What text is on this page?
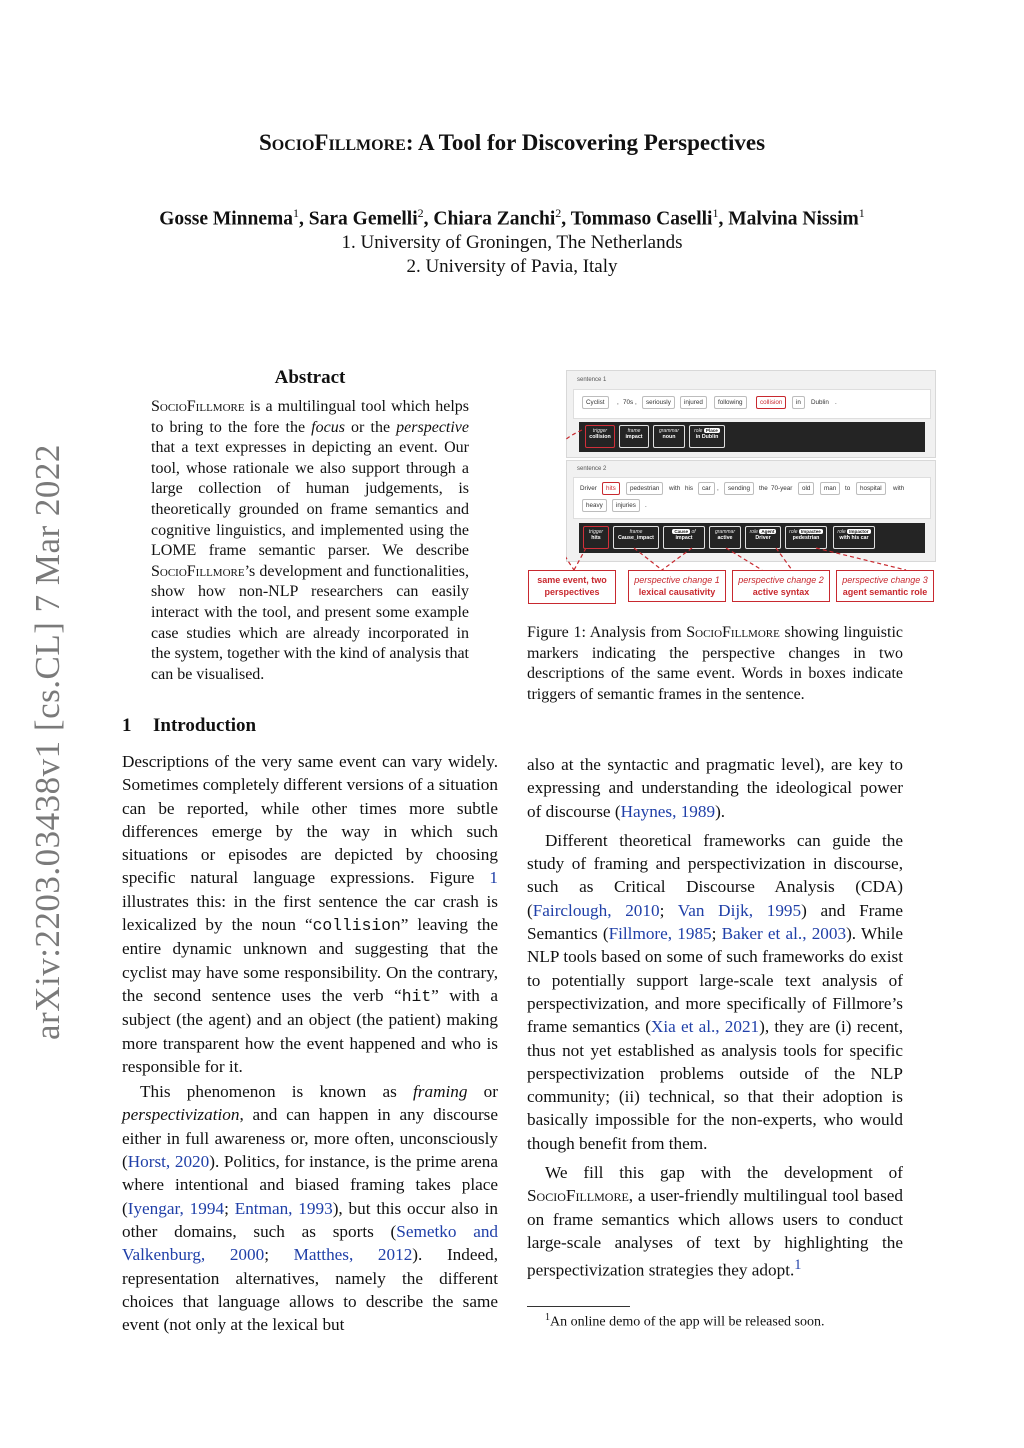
arXiv:2203.03438v1 [cs.CL] 7 Mar 2022
SocioFillmore: A Tool for Discovering Perspectives
Gosse Minnema$^1$, Sara Gemelli$^2$, Chiara Zanchi$^2$, Tommaso Caselli$^1$, Malvina Nissim$^1$
1. University of Groningen, The Netherlands
2. University of Pavia, Italy
Abstract
SocioFillmore is a multilingual tool which helps to bring to the fore the focus or the perspective that a text expresses in depicting an event. Our tool, whose rationale we also support through a large collection of human judgements, is theoretically grounded on frame semantics and cognitive linguistics, and implemented using the LOME frame semantic parser. We describe SocioFillmore’s development and functionalities, show how non-NLP researchers can easily interact with the tool, and present some example case studies which are already incorporated in the system, together with the kind of analysis that can be visualised.
1 Introduction

Descriptions of the very same event can vary widely. Sometimes completely different versions of a situation can be reported, while other times more subtle differences emerge by the way in which such situations or episodes are depicted by choosing specific natural language expressions. Figure 1 illustrates this: in the first sentence the car crash is lexicalized by the noun “collision” leaving the entire dynamic unknown and suggesting that the cyclist may have some responsibility. On the contrary, the second sentence uses the verb “hit” with a subject (the agent) and an object (the patient) making more transparent how the event happened and who is responsible for it.

This phenomenon is known as framing or perspectivization, and can happen in any discourse either in full awareness or, more often, unconsciously (Horst, 2020). Politics, for instance, is the prime arena where intentional and biased framing takes place (Iyengar, 1994; Entman, 1993), but this occur also in other domains, such as sports (Semetko and Valkenburg, 2000; Matthes, 2012). Indeed, representation alternatives, namely the different choices that language allows to describe the same event (not only at the lexical but

also at the syntactic and pragmatic level), are key to expressing and understanding the ideological power of discourse (Haynes, 1989).

Different theoretical frameworks can guide the study of framing and perspectivization in discourse, such as Critical Discourse Analysis (CDA) (Fairclough, 2010; Van Dijk, 1995) and Frame Semantics (Fillmore, 1985; Baker et al., 2003). While NLP tools based on some of such frameworks do exist to potentially support large-scale text analysis of perspectivization, and more specifically of Fillmore’s frame semantics (Xia et al., 2021), they are (i) recent, thus not yet established as analysis tools for specific perspectivization problems outside of the NLP community; (ii) technical, so that their adoption is basically impossible for the non-experts, who would though benefit from them.

We fill this gap with the development of SocioFillmore, a user-friendly multilingual tool based on frame semantics which allows users to conduct large-scale analyses of text by highlighting the perspectivization strategies they adopt.$^1$

sentence 1
Cyclist	, 70s ,	seriously	injured	following	collision	in	Dublin .
trigger
collision
frame
impact
grammar
noun
role Place
in Dublin
sentence 2
Driver	hits	pedestrian	with his	car ,	sending	the 70-year	old	man	to	hospital	with
heavy	injuries	.
trigger
hits
frame
Cause_impact
Cause of
impact
grammar
active
role Agent
Driver
role Impactee
pedestrian
role Impactor
with his car
same event, two
perspectives
perspective change 1
lexical causativity
perspective change 2
active syntax
perspective change 3
agent semantic role
Figure 1: Analysis from SocioFillmore showing linguistic markers indicating the perspective changes in two descriptions of the same event. Words in boxes indicate triggers of semantic frames in the sentence.
$^1$An online demo of the app will be released soon.
